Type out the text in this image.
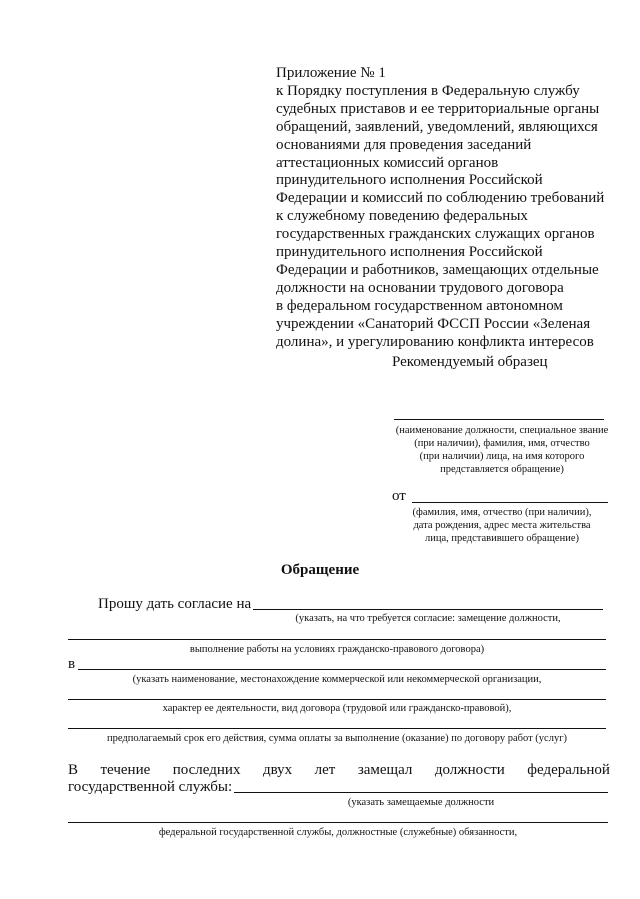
Приложение № 1
к Порядку поступления в Федеральную службу
судебных приставов и ее территориальные органы
обращений, заявлений, уведомлений, являющихся
основаниями для проведения заседаний
аттестационных комиссий органов
принудительного исполнения Российской
Федерации и комиссий по соблюдению требований
к служебному поведению федеральных
государственных гражданских служащих органов
принудительного исполнения Российской
Федерации и работников, замещающих отдельные
должности на основании трудового договора
в федеральном государственном автономном
учреждении «Санаторий ФССП России «Зеленая
долина», и урегулированию конфликта интересов
Рекомендуемый образец
(наименование должности, специальное звание
(при наличии), фамилия, имя, отчество
(при наличии) лица, на имя которого
представляется обращение)
от
(фамилия, имя, отчество (при наличии),
дата рождения, адрес места жительства
лица, представившего обращение)
Обращение
Прошу дать согласие на
(указать, на что требуется согласие: замещение должности,
выполнение работы на условиях гражданско-правового договора)
в
(указать наименование, местонахождение коммерческой или некоммерческой организации,
характер ее деятельности, вид договора (трудовой или гражданско-правовой),
предполагаемый срок его действия, сумма оплаты за выполнение (оказание) по договору работ (услуг)
В течение последних двух лет замещал должности федеральной
государственной службы:
(указать замещаемые должности
федеральной государственной службы, должностные (служебные) обязанности,
